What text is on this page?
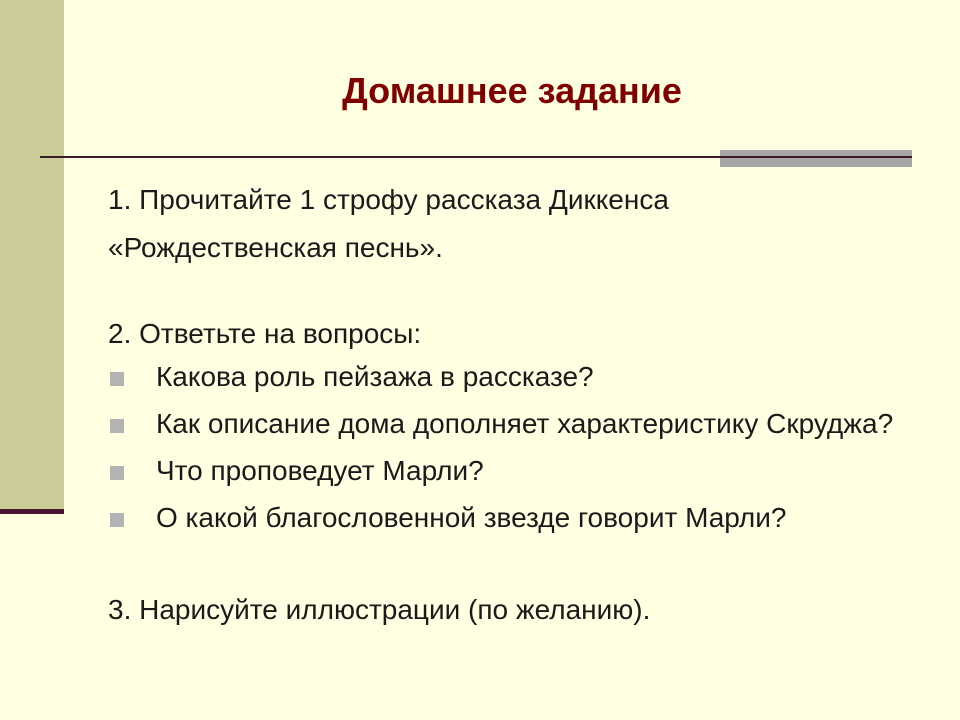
Домашнее задание

1. Прочитайте 1 строфу рассказа Диккенса

«Рождественская песнь».

2. Ответьте на вопросы:

Какова роль пейзажа в рассказе?
Как описание дома дополняет характеристику Скруджа?
Что проповедует Марли?
О какой благословенной звезде говорит Марли?

3. Нарисуйте иллюстрации (по желанию).
